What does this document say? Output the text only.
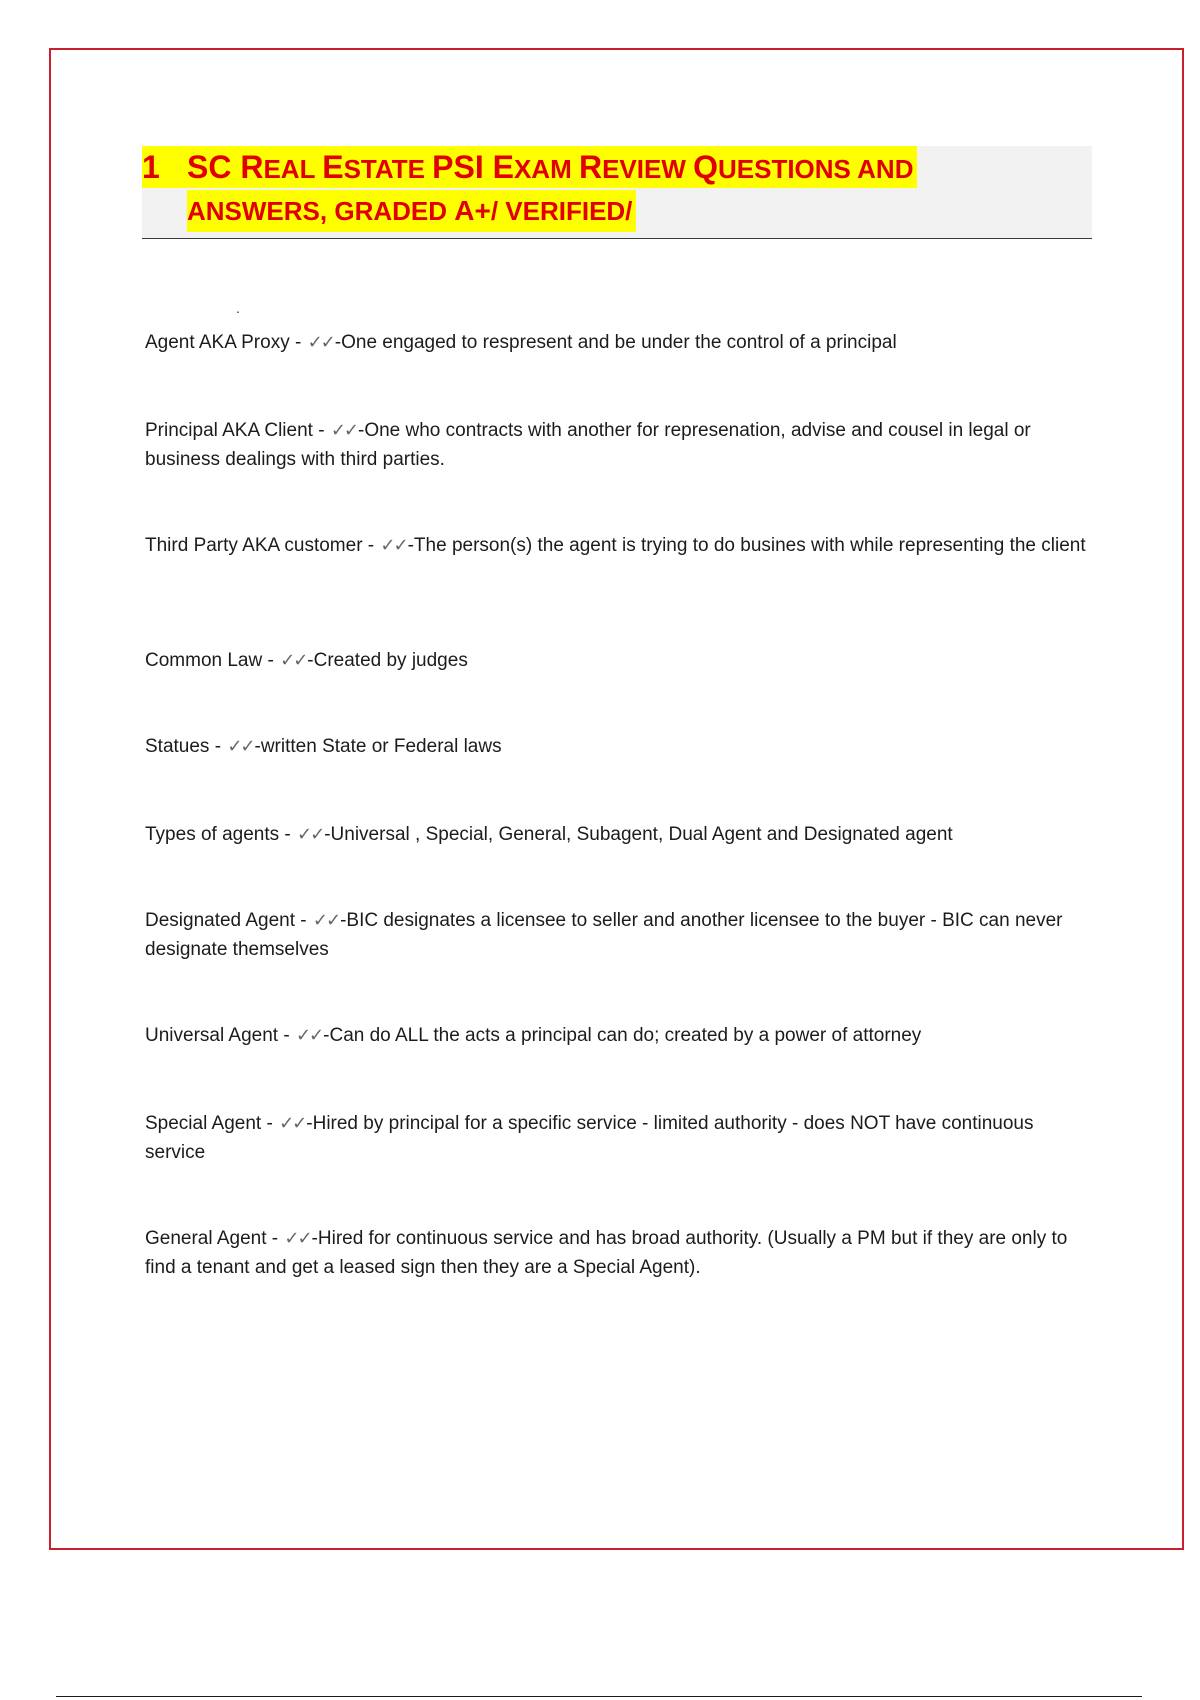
1 SC REAL ESTATE PSI EXAM REVIEW QUESTIONS AND
ANSWERS, GRADED A+/ VERIFIED/
.
Agent AKA Proxy - ✓✓-One engaged to respresent and be under the control of a principal
Principal AKA Client - ✓✓-One who contracts with another for represenation, advise and cousel in legal or business dealings with third parties.
Third Party AKA customer - ✓✓-The person(s) the agent is trying to do busines with while representing the client
Common Law - ✓✓-Created by judges
Statues - ✓✓-written State or Federal laws
Types of agents - ✓✓-Universal , Special, General, Subagent, Dual Agent and Designated agent
Designated Agent - ✓✓-BIC designates a licensee to seller and another licensee to the buyer - BIC can never designate themselves
Universal Agent - ✓✓-Can do ALL the acts a principal can do; created by a power of attorney
Special Agent - ✓✓-Hired by principal for a specific service - limited authority - does NOT have continuous service
General Agent - ✓✓-Hired for continuous service and has broad authority. (Usually a PM but if they are only to find a tenant and get a leased sign then they are a Special Agent).
